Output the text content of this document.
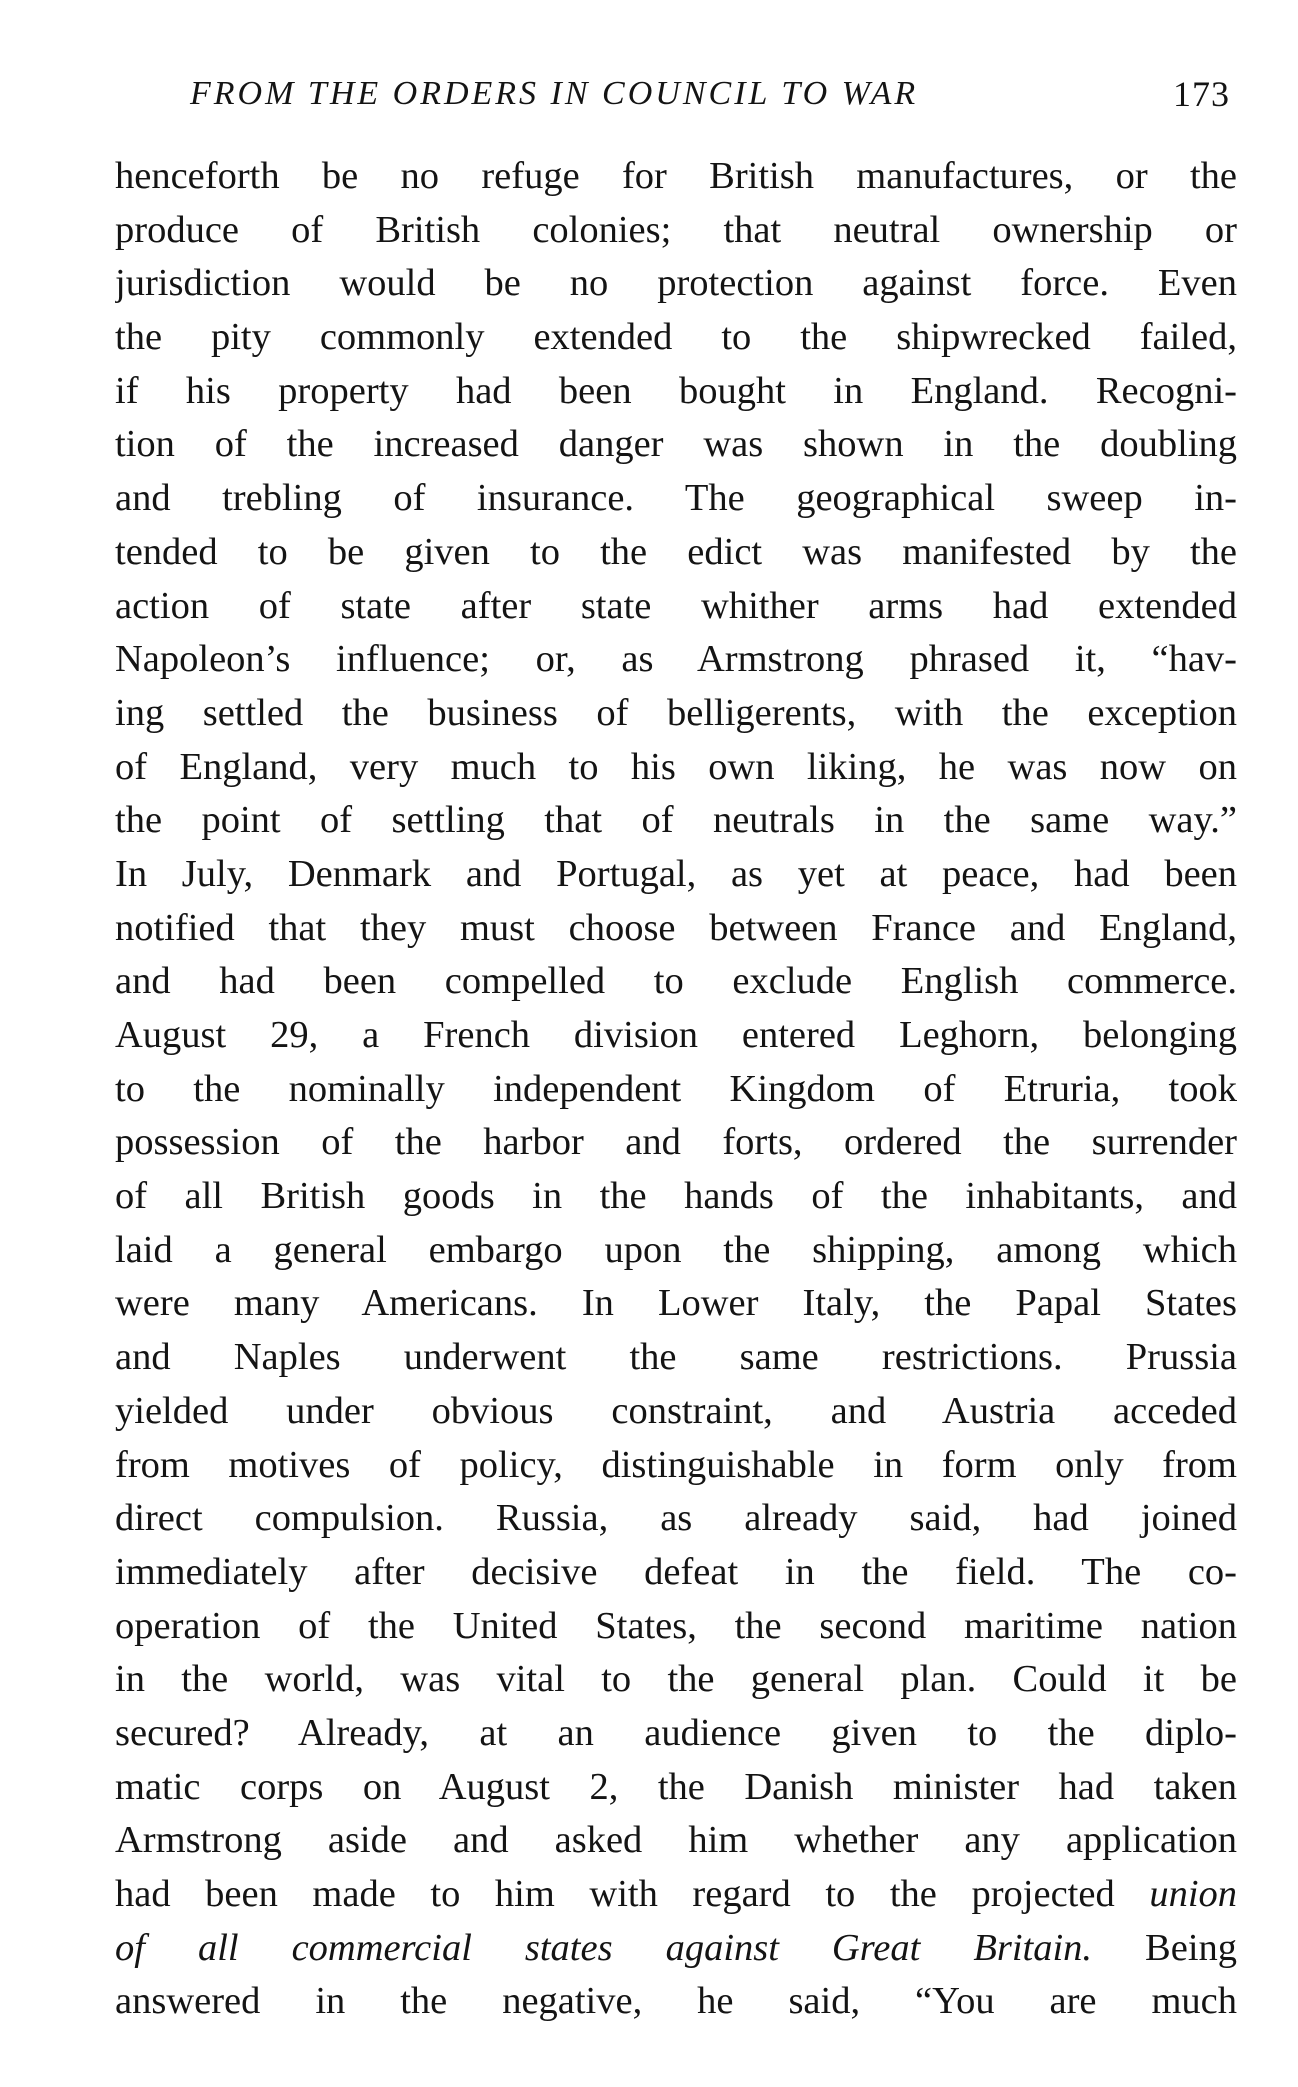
FROM THE ORDERS IN COUNCIL TO WAR	173
henceforth be no refuge for British manufactures, or the
produce of British colonies; that neutral ownership or
jurisdiction would be no protection against force. Even
the pity commonly extended to the shipwrecked failed,
if his property had been bought in England. Recogni-
tion of the increased danger was shown in the doubling
and trebling of insurance. The geographical sweep in-
tended to be given to the edict was manifested by the
action of state after state whither arms had extended
Napoleon’s influence; or, as Armstrong phrased it, “hav-
ing settled the business of belligerents, with the exception
of England, very much to his own liking, he was now on
the point of settling that of neutrals in the same way.”
In July, Denmark and Portugal, as yet at peace, had been
notified that they must choose between France and England,
and had been compelled to exclude English commerce.
August 29, a French division entered Leghorn, belonging
to the nominally independent Kingdom of Etruria, took
possession of the harbor and forts, ordered the surrender
of all British goods in the hands of the inhabitants, and
laid a general embargo upon the shipping, among which
were many Americans. In Lower Italy, the Papal States
and Naples underwent the same restrictions. Prussia
yielded under obvious constraint, and Austria acceded
from motives of policy, distinguishable in form only from
direct compulsion. Russia, as already said, had joined
immediately after decisive defeat in the field. The co-
operation of the United States, the second maritime nation
in the world, was vital to the general plan. Could it be
secured? Already, at an audience given to the diplo-
matic corps on August 2, the Danish minister had taken
Armstrong aside and asked him whether any application
had been made to him with regard to the projected union
of all commercial states against Great Britain. Being
answered in the negative, he said, “You are much
